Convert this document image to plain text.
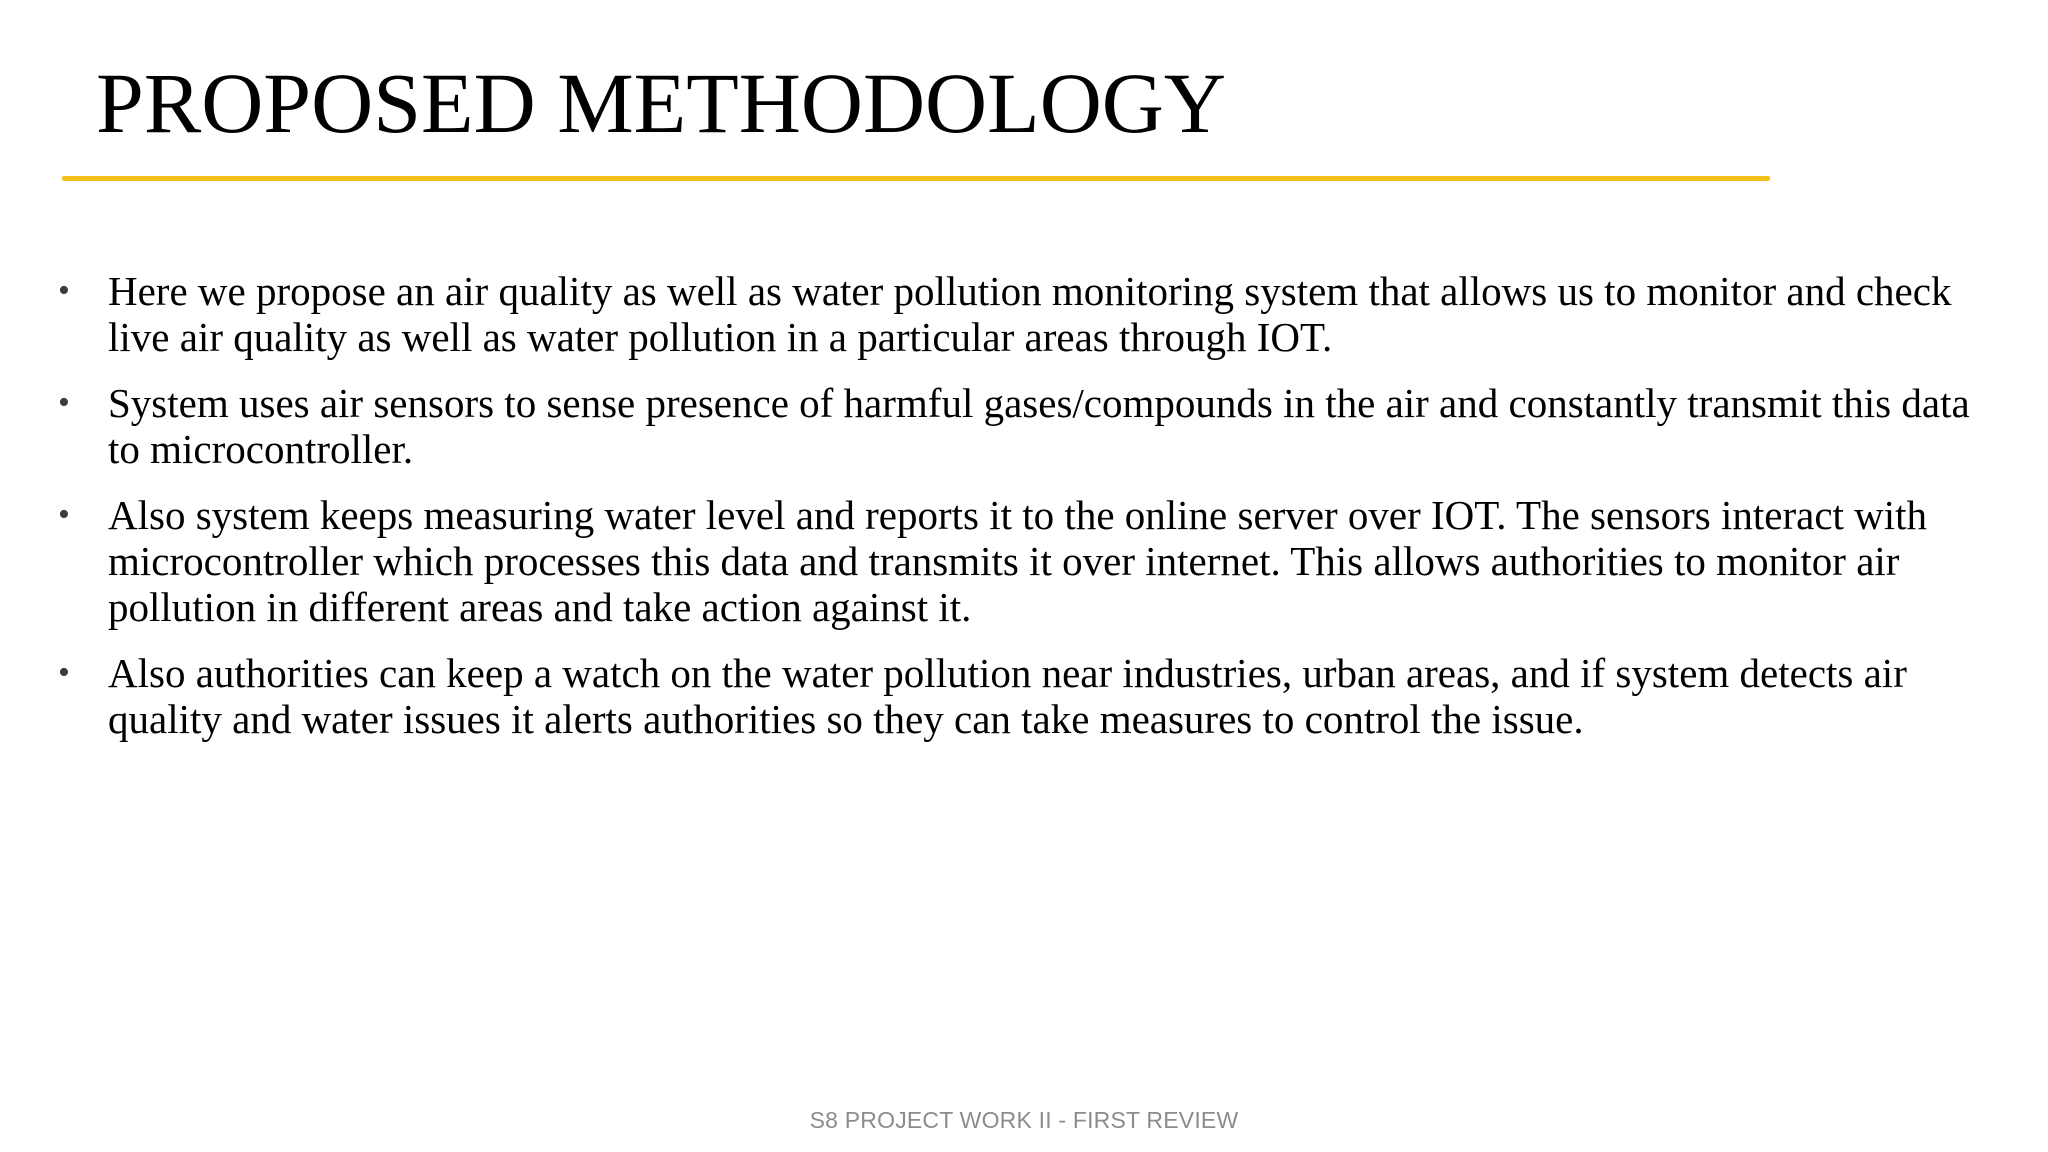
PROPOSED METHODOLOGY
• Here we propose an air quality as well as water pollution monitoring system that allows us to monitor and check live air quality as well as water pollution in a particular areas through IOT.
• System uses air sensors to sense presence of harmful gases/compounds in the air and constantly transmit this data to microcontroller.
• Also system keeps measuring water level and reports it to the online server over IOT. The sensors interact with microcontroller which processes this data and transmits it over internet. This allows authorities to monitor air pollution in different areas and take action against it.
• Also authorities can keep a watch on the water pollution near industries, urban areas, and if system detects air quality and water issues it alerts authorities so they can take measures to control the issue.
S8 PROJECT WORK II - FIRST REVIEW
